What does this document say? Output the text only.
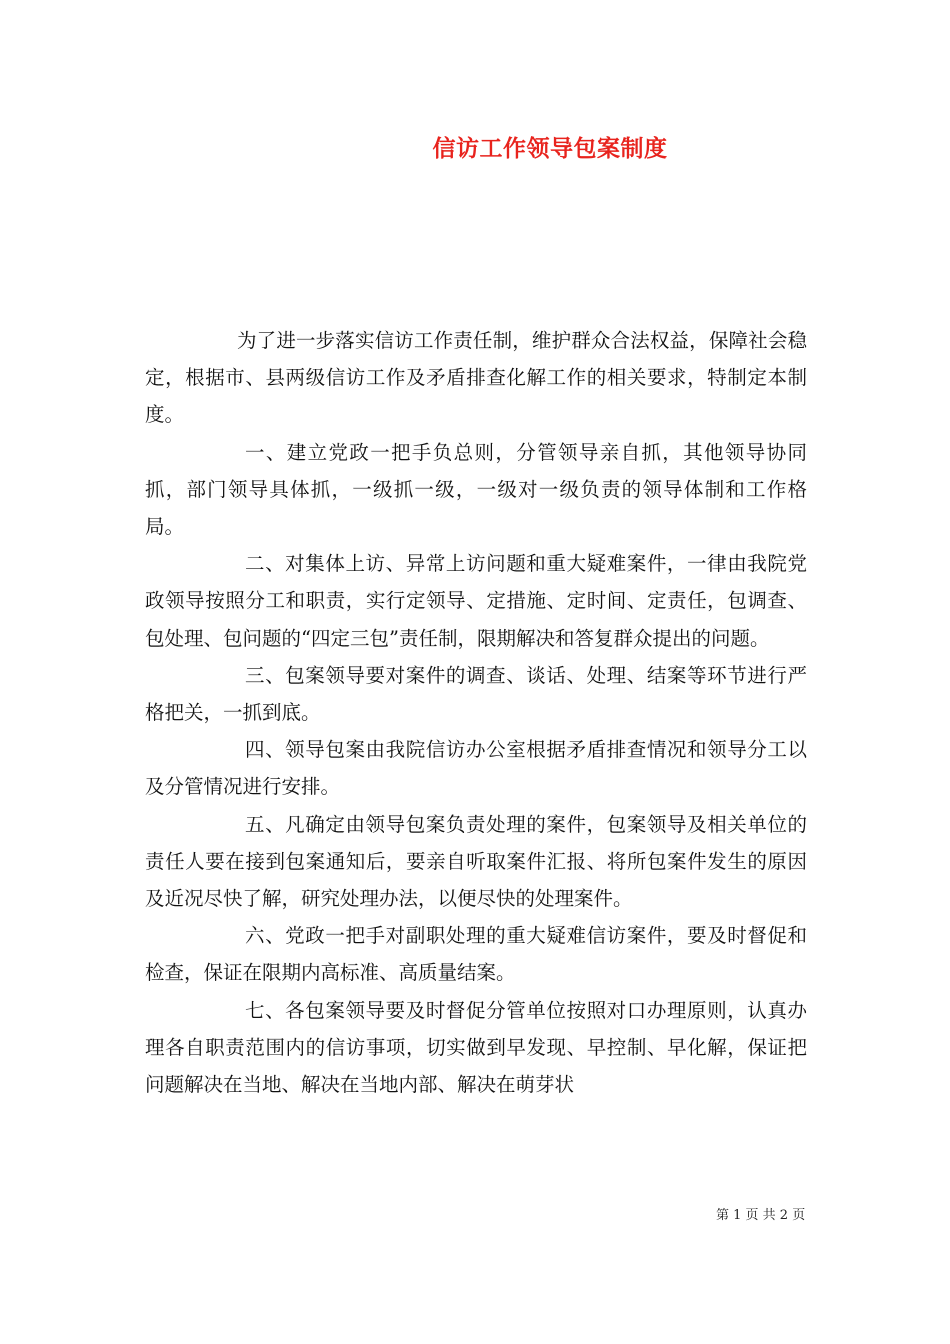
信访工作领导包案制度

为了进一步落实信访工作责任制，维护群众合法权益，保障社会稳定，根据市、县两级信访工作及矛盾排查化解工作的相关要求，特制定本制度。

一、建立党政一把手负总则，分管领导亲自抓，其他领导协同抓，部门领导具体抓，一级抓一级，一级对一级负责的领导体制和工作格局。

二、对集体上访、异常上访问题和重大疑难案件，一律由我院党政领导按照分工和职责，实行定领导、定措施、定时间、定责任，包调查、包处理、包问题的“四定三包”责任制，限期解决和答复群众提出的问题。

三、包案领导要对案件的调查、谈话、处理、结案等环节进行严格把关，一抓到底。

四、领导包案由我院信访办公室根据矛盾排查情况和领导分工以及分管情况进行安排。

五、凡确定由领导包案负责处理的案件，包案领导及相关单位的责任人要在接到包案通知后，要亲自听取案件汇报、将所包案件发生的原因及近况尽快了解，研究处理办法，以便尽快的处理案件。

六、党政一把手对副职处理的重大疑难信访案件，要及时督促和检查，保证在限期内高标准、高质量结案。

七、各包案领导要及时督促分管单位按照对口办理原则，认真办理各自职责范围内的信访事项，切实做到早发现、早控制、早化解，保证把问题解决在当地、解决在当地内部、解决在萌芽状

第 1 页 共 2 页
